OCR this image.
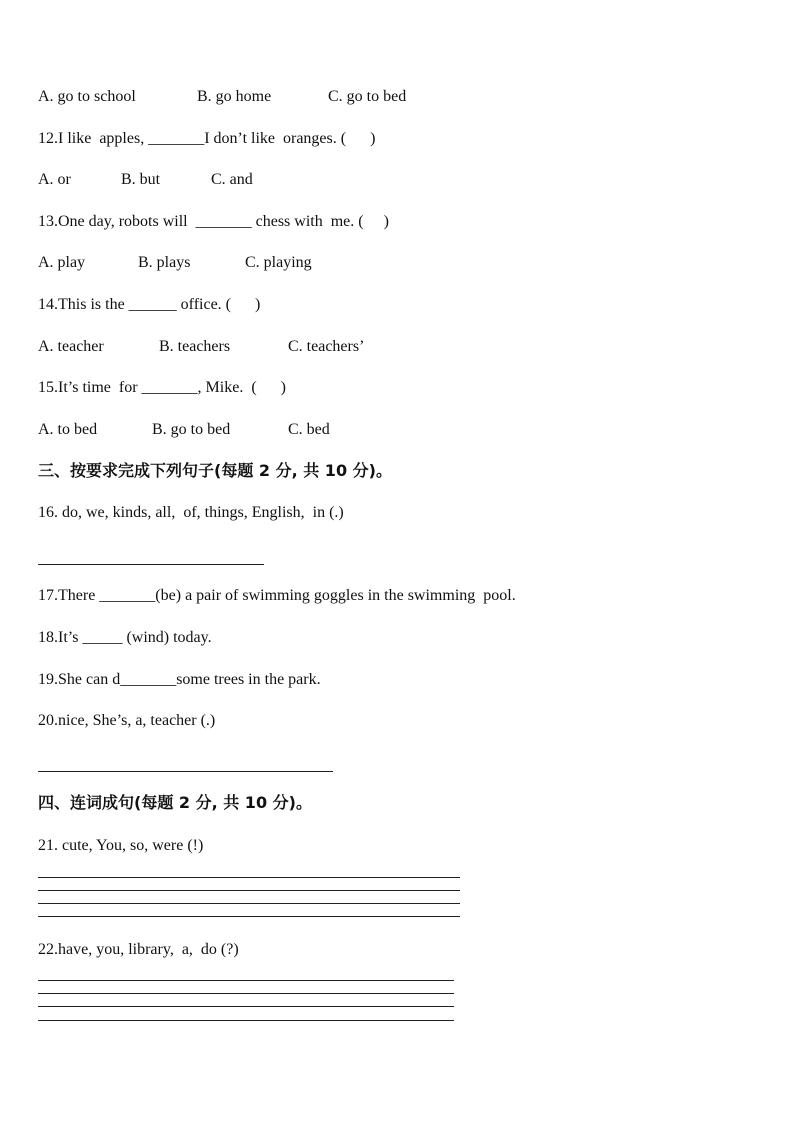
A. go to school	B. go home	C. go to bed
12.I like  apples, _______I don’t like  oranges. (      )
A. or	B. but	C. and
13.One day, robots will  _______ chess with  me. (     )
A. play	B. plays	C. playing
14.This is the ______ office. (      )
A. teacher	B. teachers	C. teachers’
15.It’s time  for _______, Mike.  (      )
A. to bed	B. go to bed	C. bed
三、按要求完成下列句子(每题 2 分, 共 10 分)。
16. do, we, kinds, all,  of, things, English,  in (.)
17.There _______(be) a pair of swimming goggles in the swimming  pool.
18.It’s _____ (wind) today.
19.She can d_______some trees in the park.
20.nice, She’s, a, teacher (.)
四、连词成句(每题 2 分, 共 10 分)。
21. cute, You, so, were (!)
22.have, you, library,  a,  do (?)
